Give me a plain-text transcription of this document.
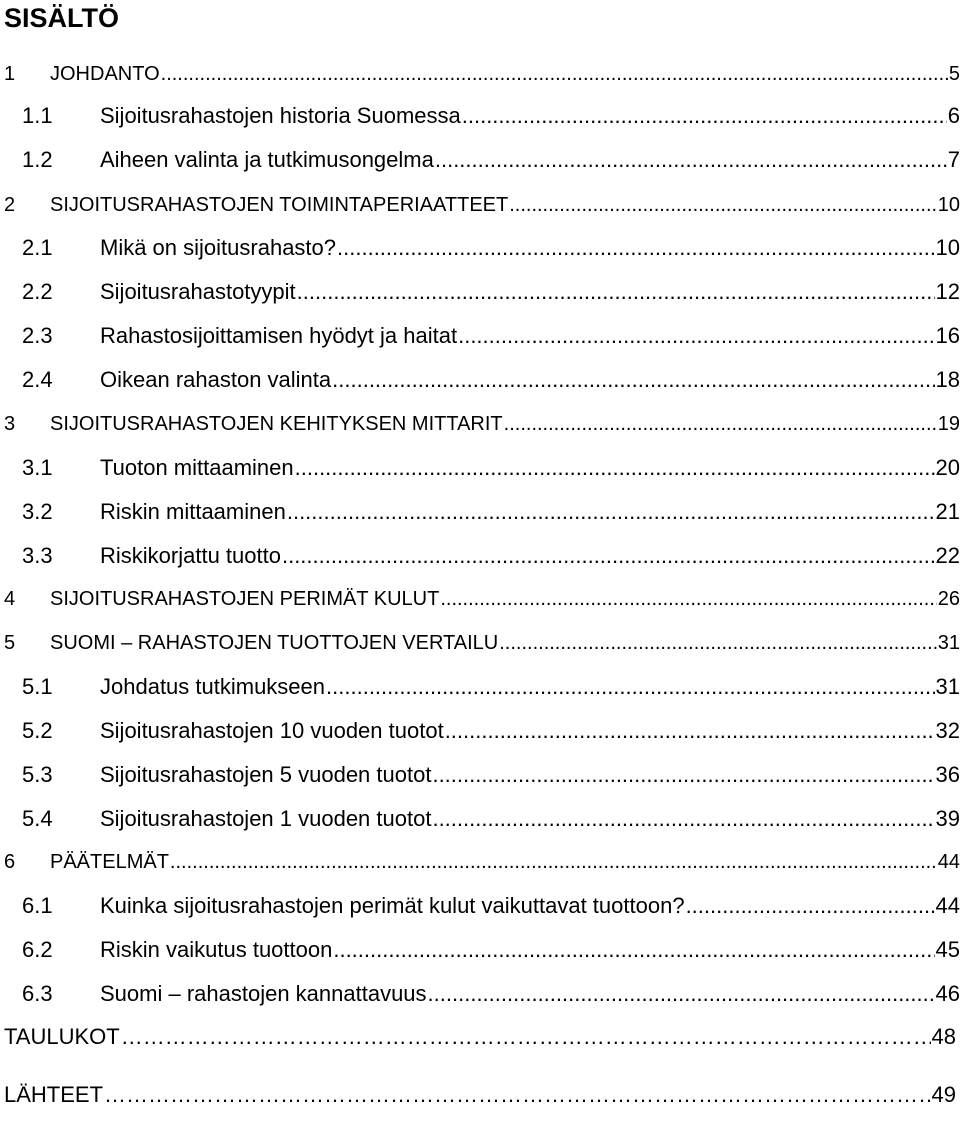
SISÄLTÖ
1	JOHDANTO .....	5
1.1	Sijoitusrahastojen historia Suomessa .....	6
1.2	Aiheen valinta ja tutkimusongelma .....	7
2	SIJOITUSRAHASTOJEN TOIMINTAPERIAATTEET .....	10
2.1	Mikä on sijoitusrahasto? .....	10
2.2	Sijoitusrahastotyypit .....	12
2.3	Rahastosijoittamisen hyödyt ja haitat .....	16
2.4	Oikean rahaston valinta .....	18
3	SIJOITUSRAHASTOJEN KEHITYKSEN MITTARIT .....	19
3.1	Tuoton mittaaminen .....	20
3.2	Riskin mittaaminen .....	21
3.3	Riskikorjattu tuotto .....	22
4	SIJOITUSRAHASTOJEN PERIMÄT KULUT .....	26
5	SUOMI – RAHASTOJEN TUOTTOJEN VERTAILU .....	31
5.1	Johdatus tutkimukseen .....	31
5.2	Sijoitusrahastojen 10 vuoden tuotot .....	32
5.3	Sijoitusrahastojen 5 vuoden tuotot .....	36
5.4	Sijoitusrahastojen 1 vuoden tuotot .....	39
6	PÄÄTELMÄT .....	44
6.1	Kuinka sijoitusrahastojen perimät kulut vaikuttavat tuottoon? .....	44
6.2	Riskin vaikutus tuottoon .....	45
6.3	Suomi – rahastojen kannattavuus .....	46
TAULUKOT ……………………………………………………………………………………………………………………………………………………………………………………………………………	48
LÄHTEET ……………………………………………………………………………………………………………………………………………………………………………………………………………	49
